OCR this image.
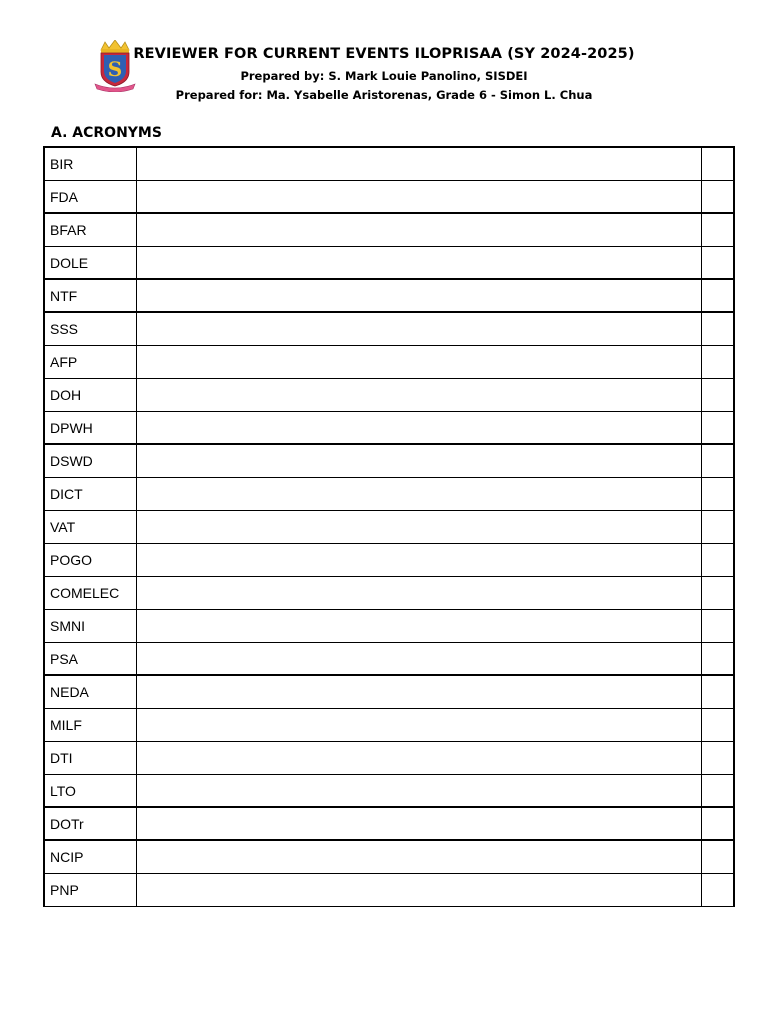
S
REVIEWER FOR CURRENT EVENTS ILOPRISAA (SY 2024-2025)
Prepared by: S. Mark Louie Panolino, SISDEI
Prepared for: Ma. Ysabelle Aristorenas, Grade 6 - Simon L. Chua
A. ACRONYMS
BIR
FDA
BFAR
DOLE
NTF
SSS
AFP
DOH
DPWH
DSWD
DICT
VAT
POGO
COMELEC
SMNI
PSA
NEDA
MILF
DTI
LTO
DOTr
NCIP
PNP
